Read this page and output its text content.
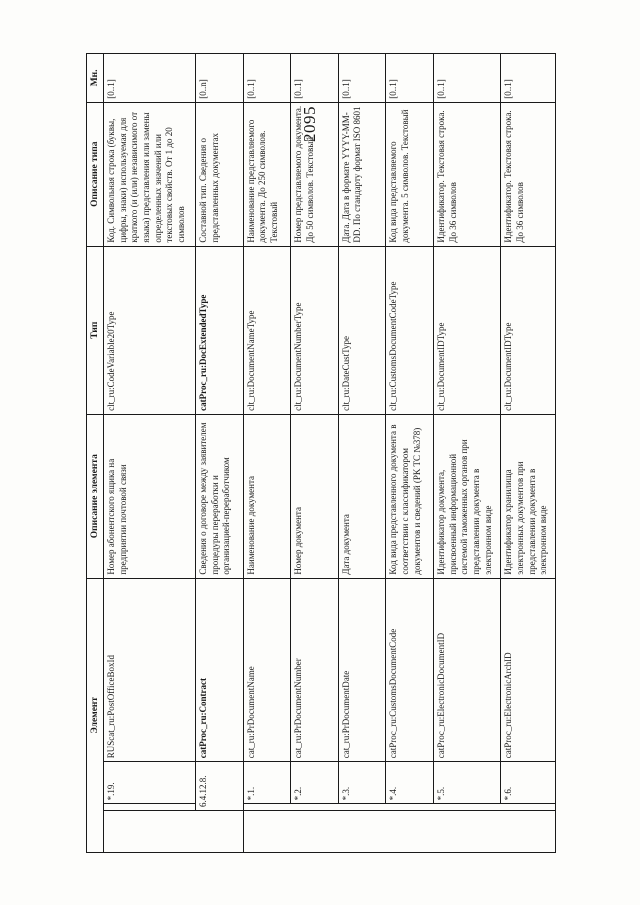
2095
Элемент				Описание элемента	Тип	Описание типа	Мн.
		*.19.	RUScat_ru:PostOfficeBoxId	Номер абонентского ящика на предприятии почтовой связи	clt_ru:CodeVariable20Type	Код. Символьная строка (буквы, цифры, знаки) используемая для краткого (и (или) независимого от языка) представления или замены определенных значений или текстовых свойств. От 1 до 20 символов	[0..1]
	6.4.12.8.		catProc_ru:Contract	Сведения о договоре между заявителем процедуры переработки и организацией-переработчиком	catProc_ru:DocExtendedType	Составной тип. Сведения о представленных документах	[0..n]
		*.1.	cat_ru:PrDocumentName	Наименование документа	clt_ru:DocumentNameType	Наименование представляемого документа. До 250 символов. Текстовый	[0..1]
		*.2.	cat_ru:PrDocumentNumber	Номер документа	clt_ru:DocumentNumberType	Номер представляемого документа. До 50 символов. Текстовый	[0..1]
		*.3.	cat_ru:PrDocumentDate	Дата документа	clt_ru:DateCustType	Дата. Дата в формате YYYY-MM-DD. По стандарту формат ISO 8601	[0..1]
		*.4.	catProc_ru:CustomsDocumentCode	Код вида представленного документа в соответствии с классификатором документов и сведений (PK TC №378)	clt_ru:CustomsDocumentCodeType	Код вида представляемого документа. 5 символов. Текстовый	[0..1]
		*.5.	catProc_ru:ElectronicDocumentID	Идентификатор документа, присвоенный информационной системой таможенных органов при представлении документа в электронном виде	clt_ru:DocumentIDType	Идентификатор. Текстовая строка. До 36 символов	[0..1]
		*.6.	catProc_ru:ElectronicArchID	Идентификатор хранилища электронных документов при представлении документа в электронном виде	clt_ru:DocumentIDType	Идентификатор. Текстовая строка. До 36 символов	[0..1]
